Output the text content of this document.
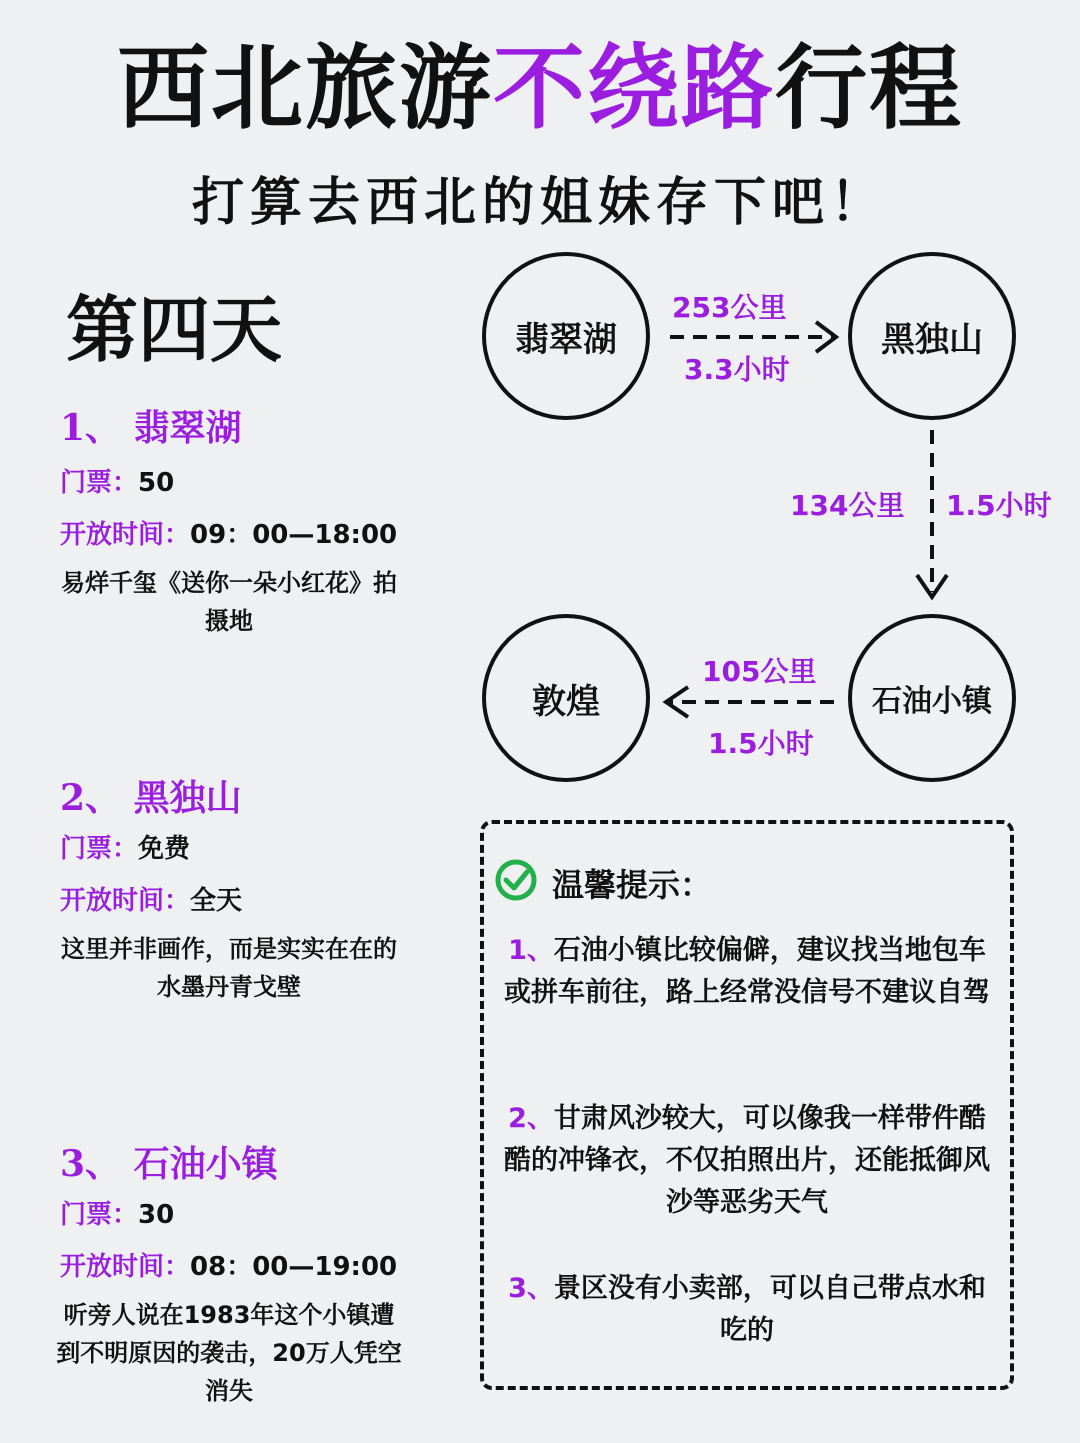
西北旅游不绕路行程
打算去西北的姐妹存下吧！
第四天
1、 翡翠湖
门票：50
开放时间：09：00—18:00
易烊千玺《送你一朵小红花》拍摄地
2、 黑独山
门票：免费
开放时间：全天
这里并非画作，而是实实在在的水墨丹青戈壁
3、 石油小镇
门票：30
开放时间：08：00—19:00
听旁人说在1983年这个小镇遭到不明原因的袭击，20万人凭空消失
翡翠湖	黑独山
石油小镇
敦煌
253公里
3.3小时
134公里 1.5小时
105公里
1.5小时
温馨提示：
1、石油小镇比较偏僻，建议找当地包车或拼车前往，路上经常没信号不建议自驾
2、甘肃风沙较大，可以像我一样带件酷酷的冲锋衣，不仅拍照出片，还能抵御风沙等恶劣天气
3、景区没有小卖部，可以自己带点水和吃的
